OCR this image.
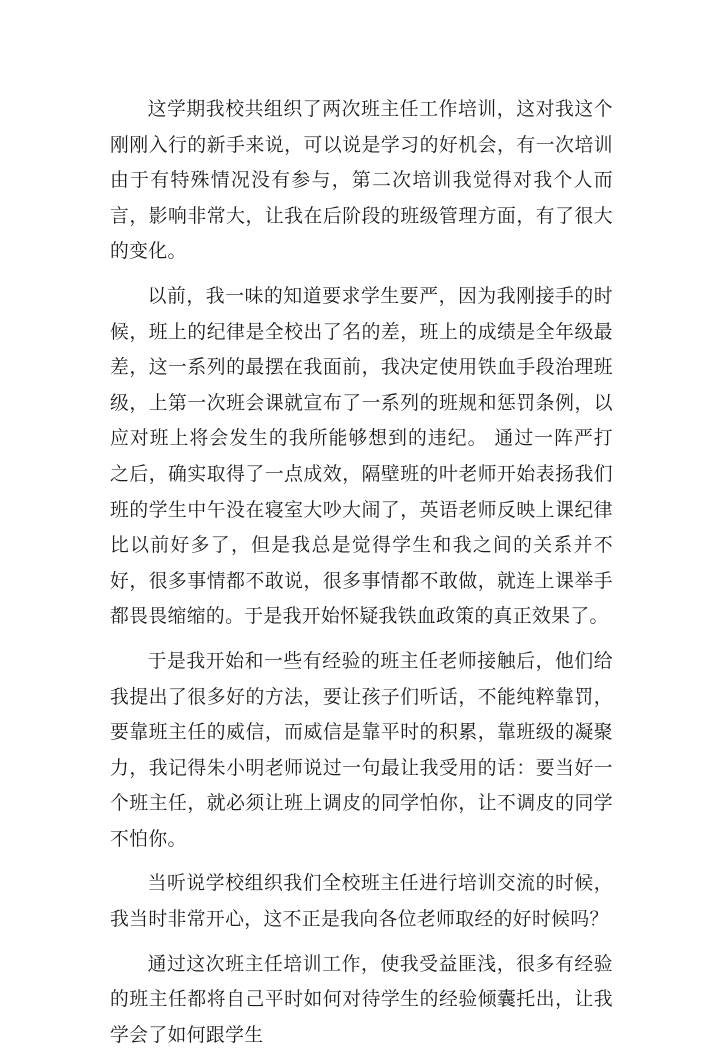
这学期我校共组织了两次班主任工作培训，这对我这个刚刚入行的新手来说，可以说是学习的好机会，有一次培训由于有特殊情况没有参与，第二次培训我觉得对我个人而言，影响非常大，让我在后阶段的班级管理方面，有了很大的变化。

以前，我一味的知道要求学生要严，因为我刚接手的时候，班上的纪律是全校出了名的差，班上的成绩是全年级最差，这一系列的最摆在我面前，我决定使用铁血手段治理班级，上第一次班会课就宣布了一系列的班规和惩罚条例，以应对班上将会发生的我所能够想到的违纪。 通过一阵严打之后，确实取得了一点成效，隔壁班的叶老师开始表扬我们班的学生中午没在寝室大吵大闹了，英语老师反映上课纪律比以前好多了，但是我总是觉得学生和我之间的关系并不好，很多事情都不敢说，很多事情都不敢做，就连上课举手都畏畏缩缩的。于是我开始怀疑我铁血政策的真正效果了。

于是我开始和一些有经验的班主任老师接触后，他们给我提出了很多好的方法，要让孩子们听话，不能纯粹靠罚，要靠班主任的威信，而威信是靠平时的积累，靠班级的凝聚力，我记得朱小明老师说过一句最让我受用的话：要当好一个班主任，就必须让班上调皮的同学怕你，让不调皮的同学不怕你。

当听说学校组织我们全校班主任进行培训交流的时候，我当时非常开心，这不正是我向各位老师取经的好时候吗？

通过这次班主任培训工作，使我受益匪浅，很多有经验的班主任都将自己平时如何对待学生的经验倾囊托出，让我学会了如何跟学生
